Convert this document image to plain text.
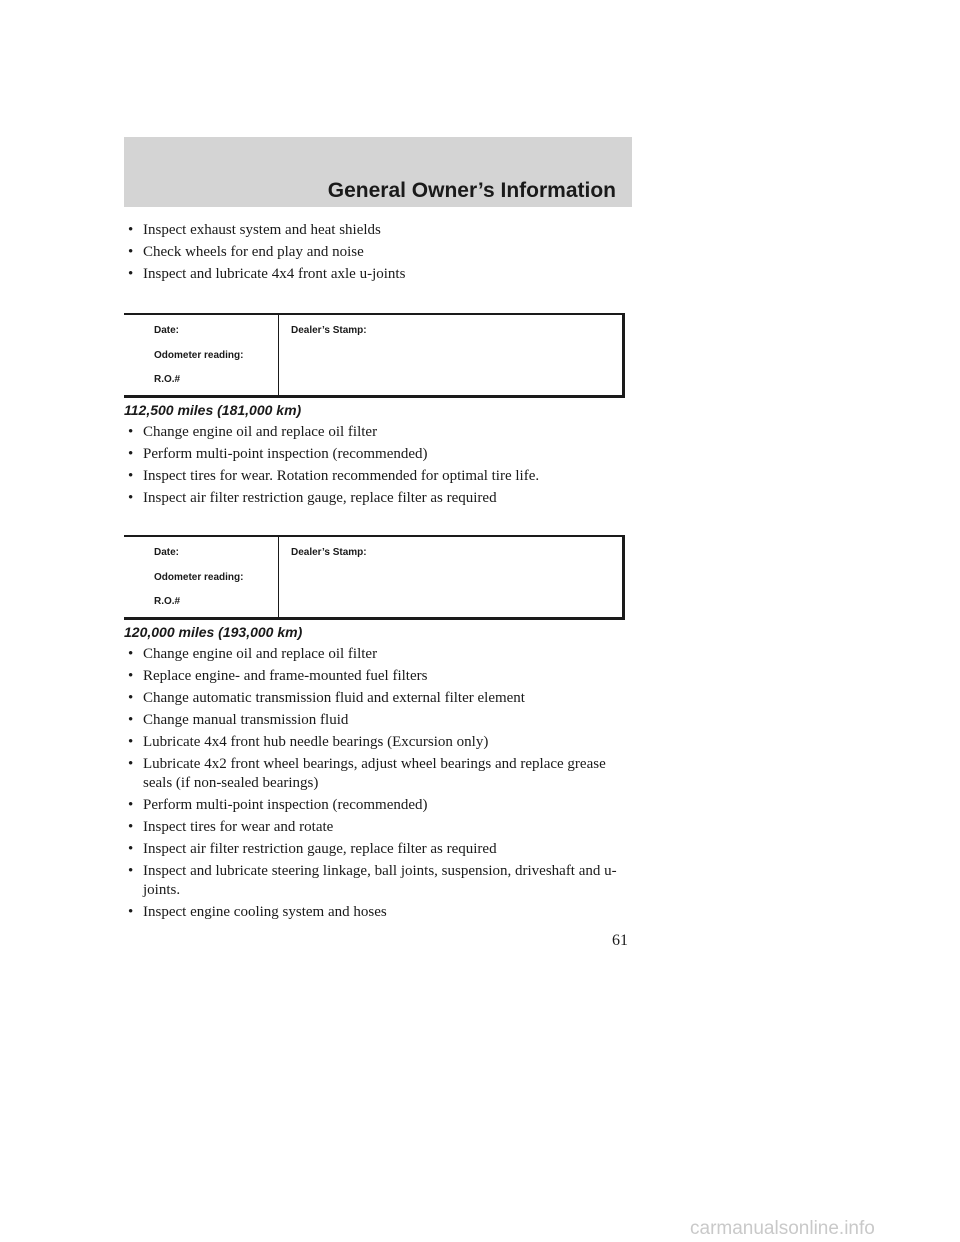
General Owner’s Information
• Inspect exhaust system and heat shields
• Check wheels for end play and noise
• Inspect and lubricate 4x4 front axle u-joints
Date:
Odometer reading:
R.O.#
Dealer’s Stamp:
112,500 miles (181,000 km)
• Change engine oil and replace oil filter
• Perform multi-point inspection (recommended)
• Inspect tires for wear. Rotation recommended for optimal tire life.
• Inspect air filter restriction gauge, replace filter as required
Date:
Odometer reading:
R.O.#
Dealer’s Stamp:
120,000 miles (193,000 km)
• Change engine oil and replace oil filter
• Replace engine- and frame-mounted fuel filters
• Change automatic transmission fluid and external filter element
• Change manual transmission fluid
• Lubricate 4x4 front hub needle bearings (Excursion only)
• Lubricate 4x2 front wheel bearings, adjust wheel bearings and replace grease seals (if non-sealed bearings)
• Perform multi-point inspection (recommended)
• Inspect tires for wear and rotate
• Inspect air filter restriction gauge, replace filter as required
• Inspect and lubricate steering linkage, ball joints, suspension, driveshaft and u-joints.
• Inspect engine cooling system and hoses
61
carmanualsonline.info
